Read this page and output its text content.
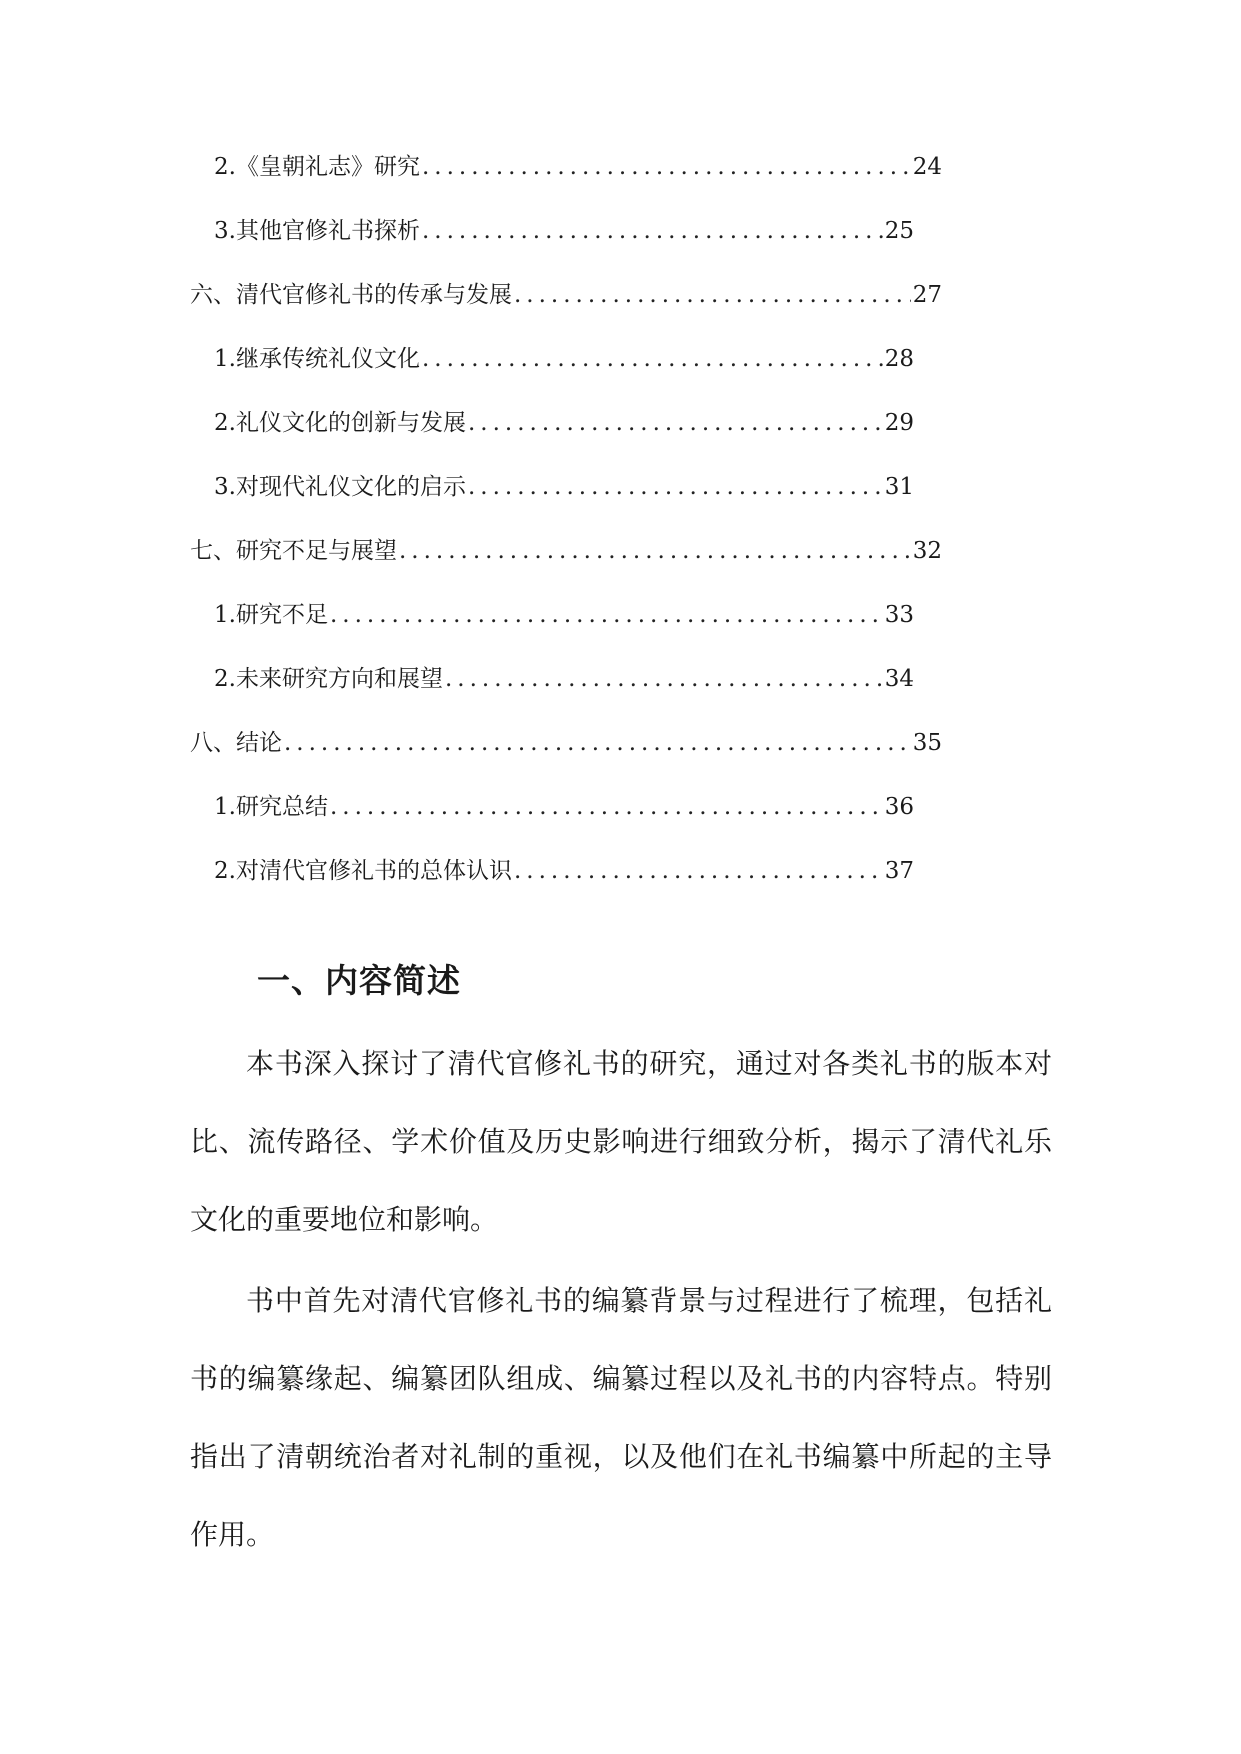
2. 《皇朝礼志》研究 .....	24
3. 其他官修礼书探析 .....	25
六、清代官修礼书的传承与发展 .....	27
1. 继承传统礼仪文化 .....	28
2. 礼仪文化的创新与发展 .....	29
3. 对现代礼仪文化的启示 .....	31
七、研究不足与展望 .....	32
1. 研究不足 .....	33
2. 未来研究方向和展望 .....	34
八、结论 .....	35
1. 研究总结 .....	36
2. 对清代官修礼书的总体认识 .....	37
一、内容简述

本书深入探讨了清代官修礼书的研究，通过对各类礼书的版本对比、流传路径、学术价值及历史影响进行细致分析，揭示了清代礼乐文化的重要地位和影响。

书中首先对清代官修礼书的编纂背景与过程进行了梳理，包括礼书的编纂缘起、编纂团队组成、编纂过程以及礼书的内容特点。特别指出了清朝统治者对礼制的重视，以及他们在礼书编纂中所起的主导作用。
